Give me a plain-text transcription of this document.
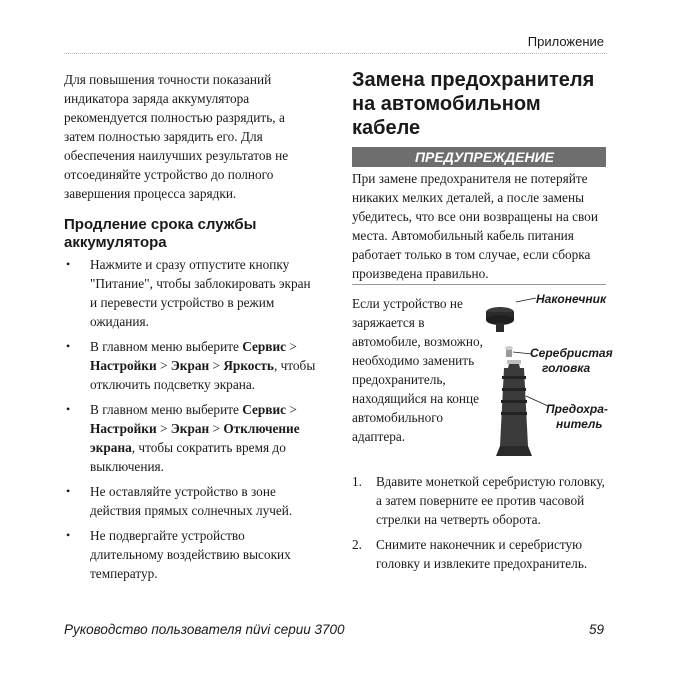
Приложение

Для повышения точности показаний индикатора заряда аккумулятора рекомендуется полностью разрядить, а затем полностью зарядить его. Для обеспечения наилучших результатов не отсоединяйте устройство до полного завершения процесса зарядки.

Продление срока службы
аккумулятора
• Нажмите и сразу отпустите кнопку "Питание", чтобы заблокировать экран и перевести устройство в режим ожидания.
• В главном меню выберите Сервис > Настройки > Экран > Яркость, чтобы отключить подсветку экрана.
• В главном меню выберите Сервис > Настройки > Экран > Отключение экрана, чтобы сократить время до выключения.
• Не оставляйте устройство в зоне действия прямых солнечных лучей.
• Не подвергайте устройство длительному воздействию высоких температур.
Замена предохранителя
на автомобильном кабеле
ПРЕДУПРЕЖДЕНИЕ

При замене предохранителя не потеряйте никаких мелких деталей, а после замены убедитесь, что все они возвращены на свои места. Автомобильный кабель питания работает только в том случае, если сборка произведена правильно.

Если устройство не заряжается в автомобиле, возможно, необходимо заменить предохранитель, находящийся на конце автомобильного адаптера.

Наконечник
Серебристая
головка
Предохра-
нитель
1. Вдавите монеткой серебристую головку, а затем поверните ее против часовой стрелки на четверть оборота.
2. Снимите наконечник и серебристую головку и извлеките предохранитель.
Руководство пользователя nüvi серии 3700	59
